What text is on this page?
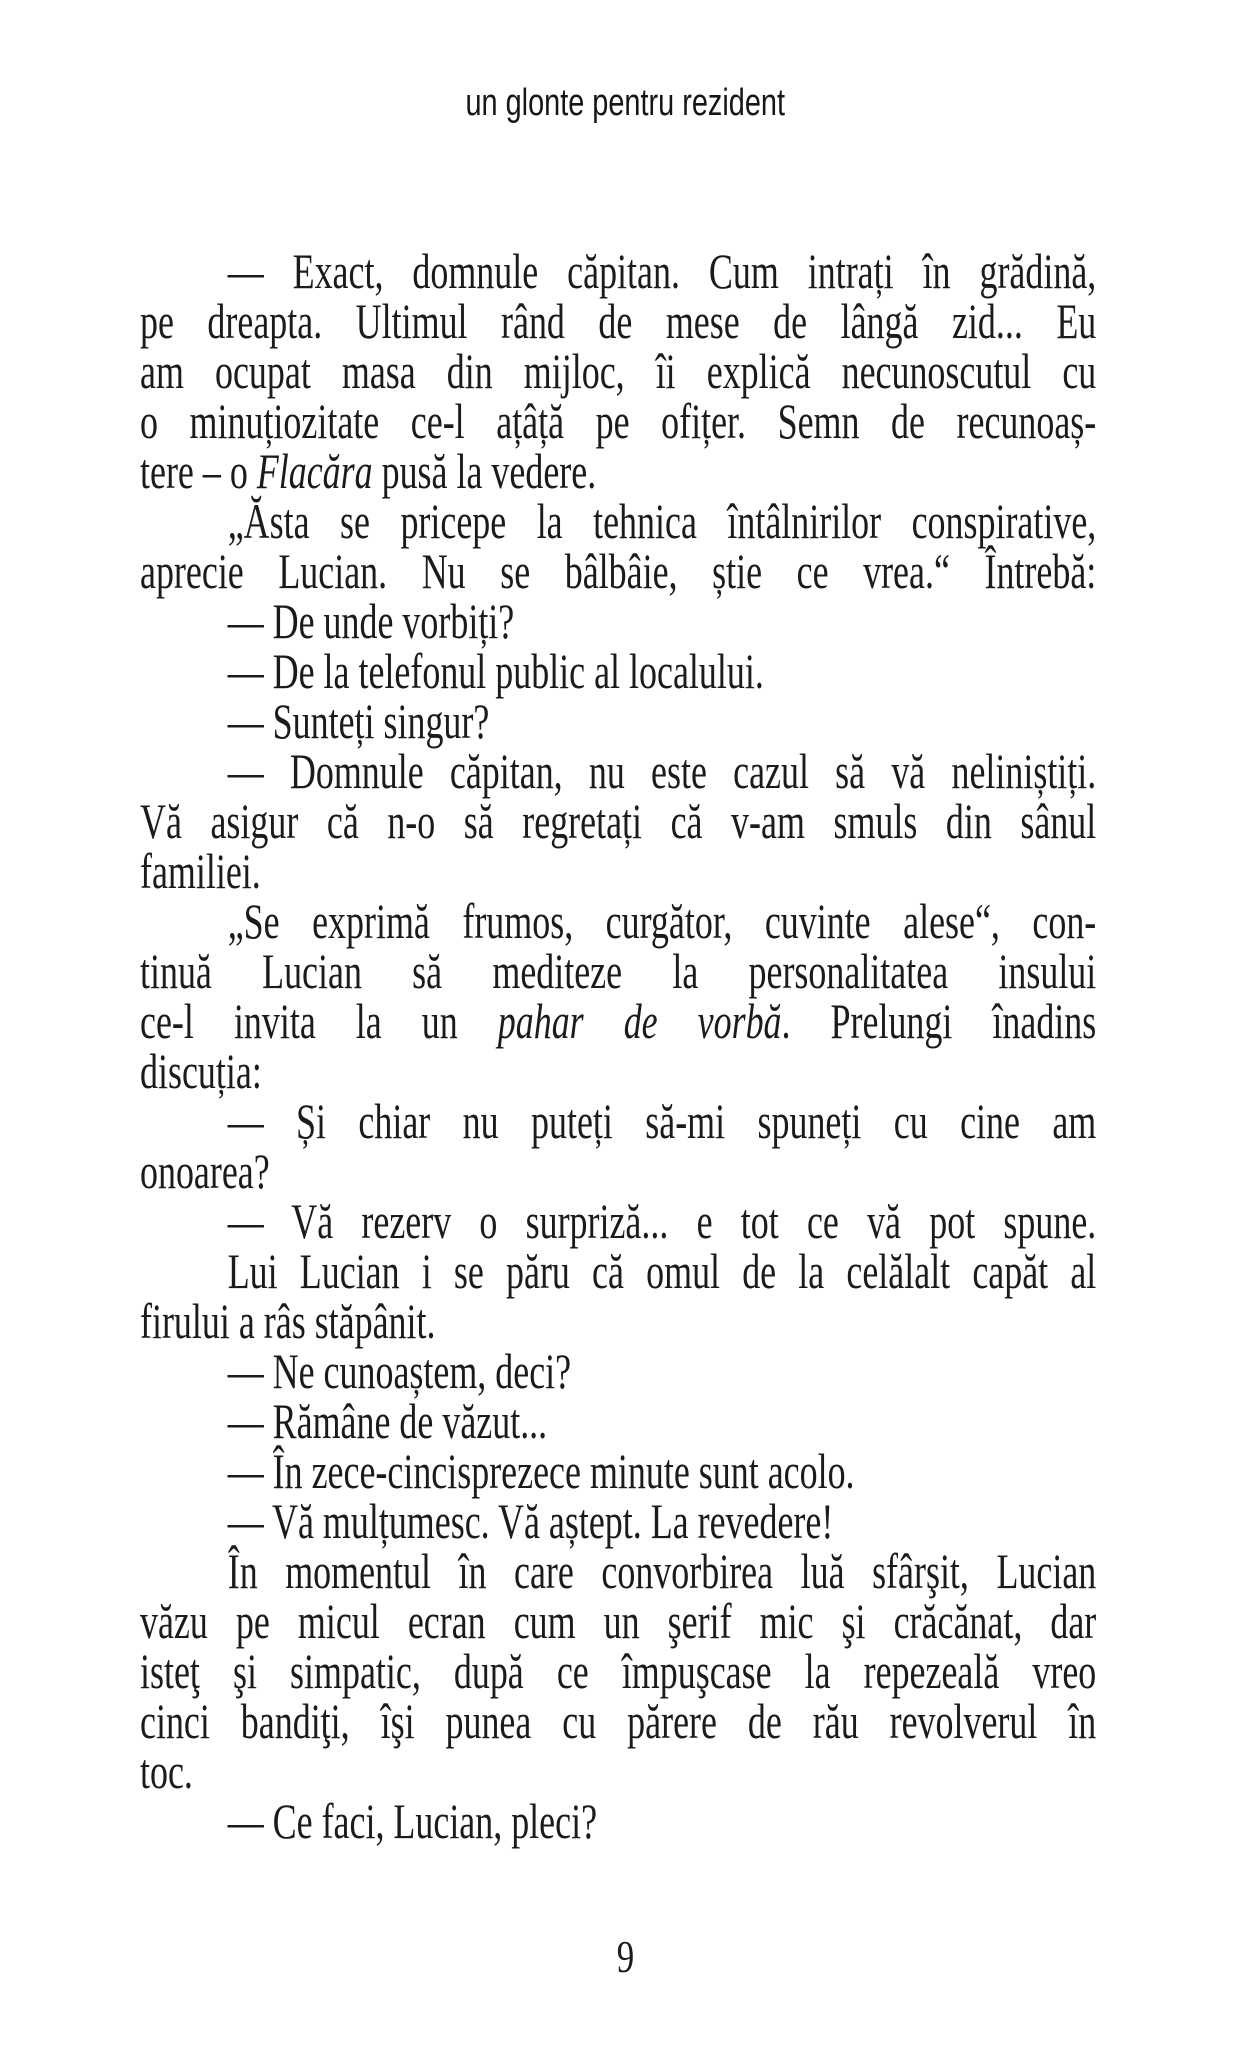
un glonte pentru rezident
— Exact, domnule căpitan. Cum intrați în grădină,
pe dreapta. Ultimul rând de mese de lângă zid... Eu
am ocupat masa din mijloc, îi explică necunoscutul cu
o minuțiozitate ce-l ațâță pe ofițer. Semn de recunoaș-
tere – o Flacăra pusă la vedere.
„Ăsta se pricepe la tehnica întâlnirilor conspirative,
aprecie Lucian. Nu se bâlbâie, știe ce vrea.“ Întrebă:
— De unde vorbiți?
— De la telefonul public al localului.
— Sunteți singur?
— Domnule căpitan, nu este cazul să vă neliniștiți.
Vă asigur că n-o să regretați că v-am smuls din sânul
familiei.
„Se exprimă frumos, curgător, cuvinte alese“, con-
tinuă Lucian să mediteze la personalitatea insului
ce-l invita la un pahar de vorbă. Prelungi înadins
discuția:
— Și chiar nu puteți să-mi spuneți cu cine am
onoarea?
— Vă rezerv o surpriză... e tot ce vă pot spune.
Lui Lucian i se păru că omul de la celălalt capăt al
firului a râs stăpânit.
— Ne cunoaștem, deci?
— Rămâne de văzut...
— În zece-cincisprezece minute sunt acolo.
— Vă mulțumesc. Vă aștept. La revedere!
În momentul în care convorbirea luă sfârşit, Lucian
văzu pe micul ecran cum un şerif mic şi crăcănat, dar
isteţ şi simpatic, după ce împuşcase la repezeală vreo
cinci bandiţi, îşi punea cu părere de rău revolverul în
toc.
— Ce faci, Lucian, pleci?
9
